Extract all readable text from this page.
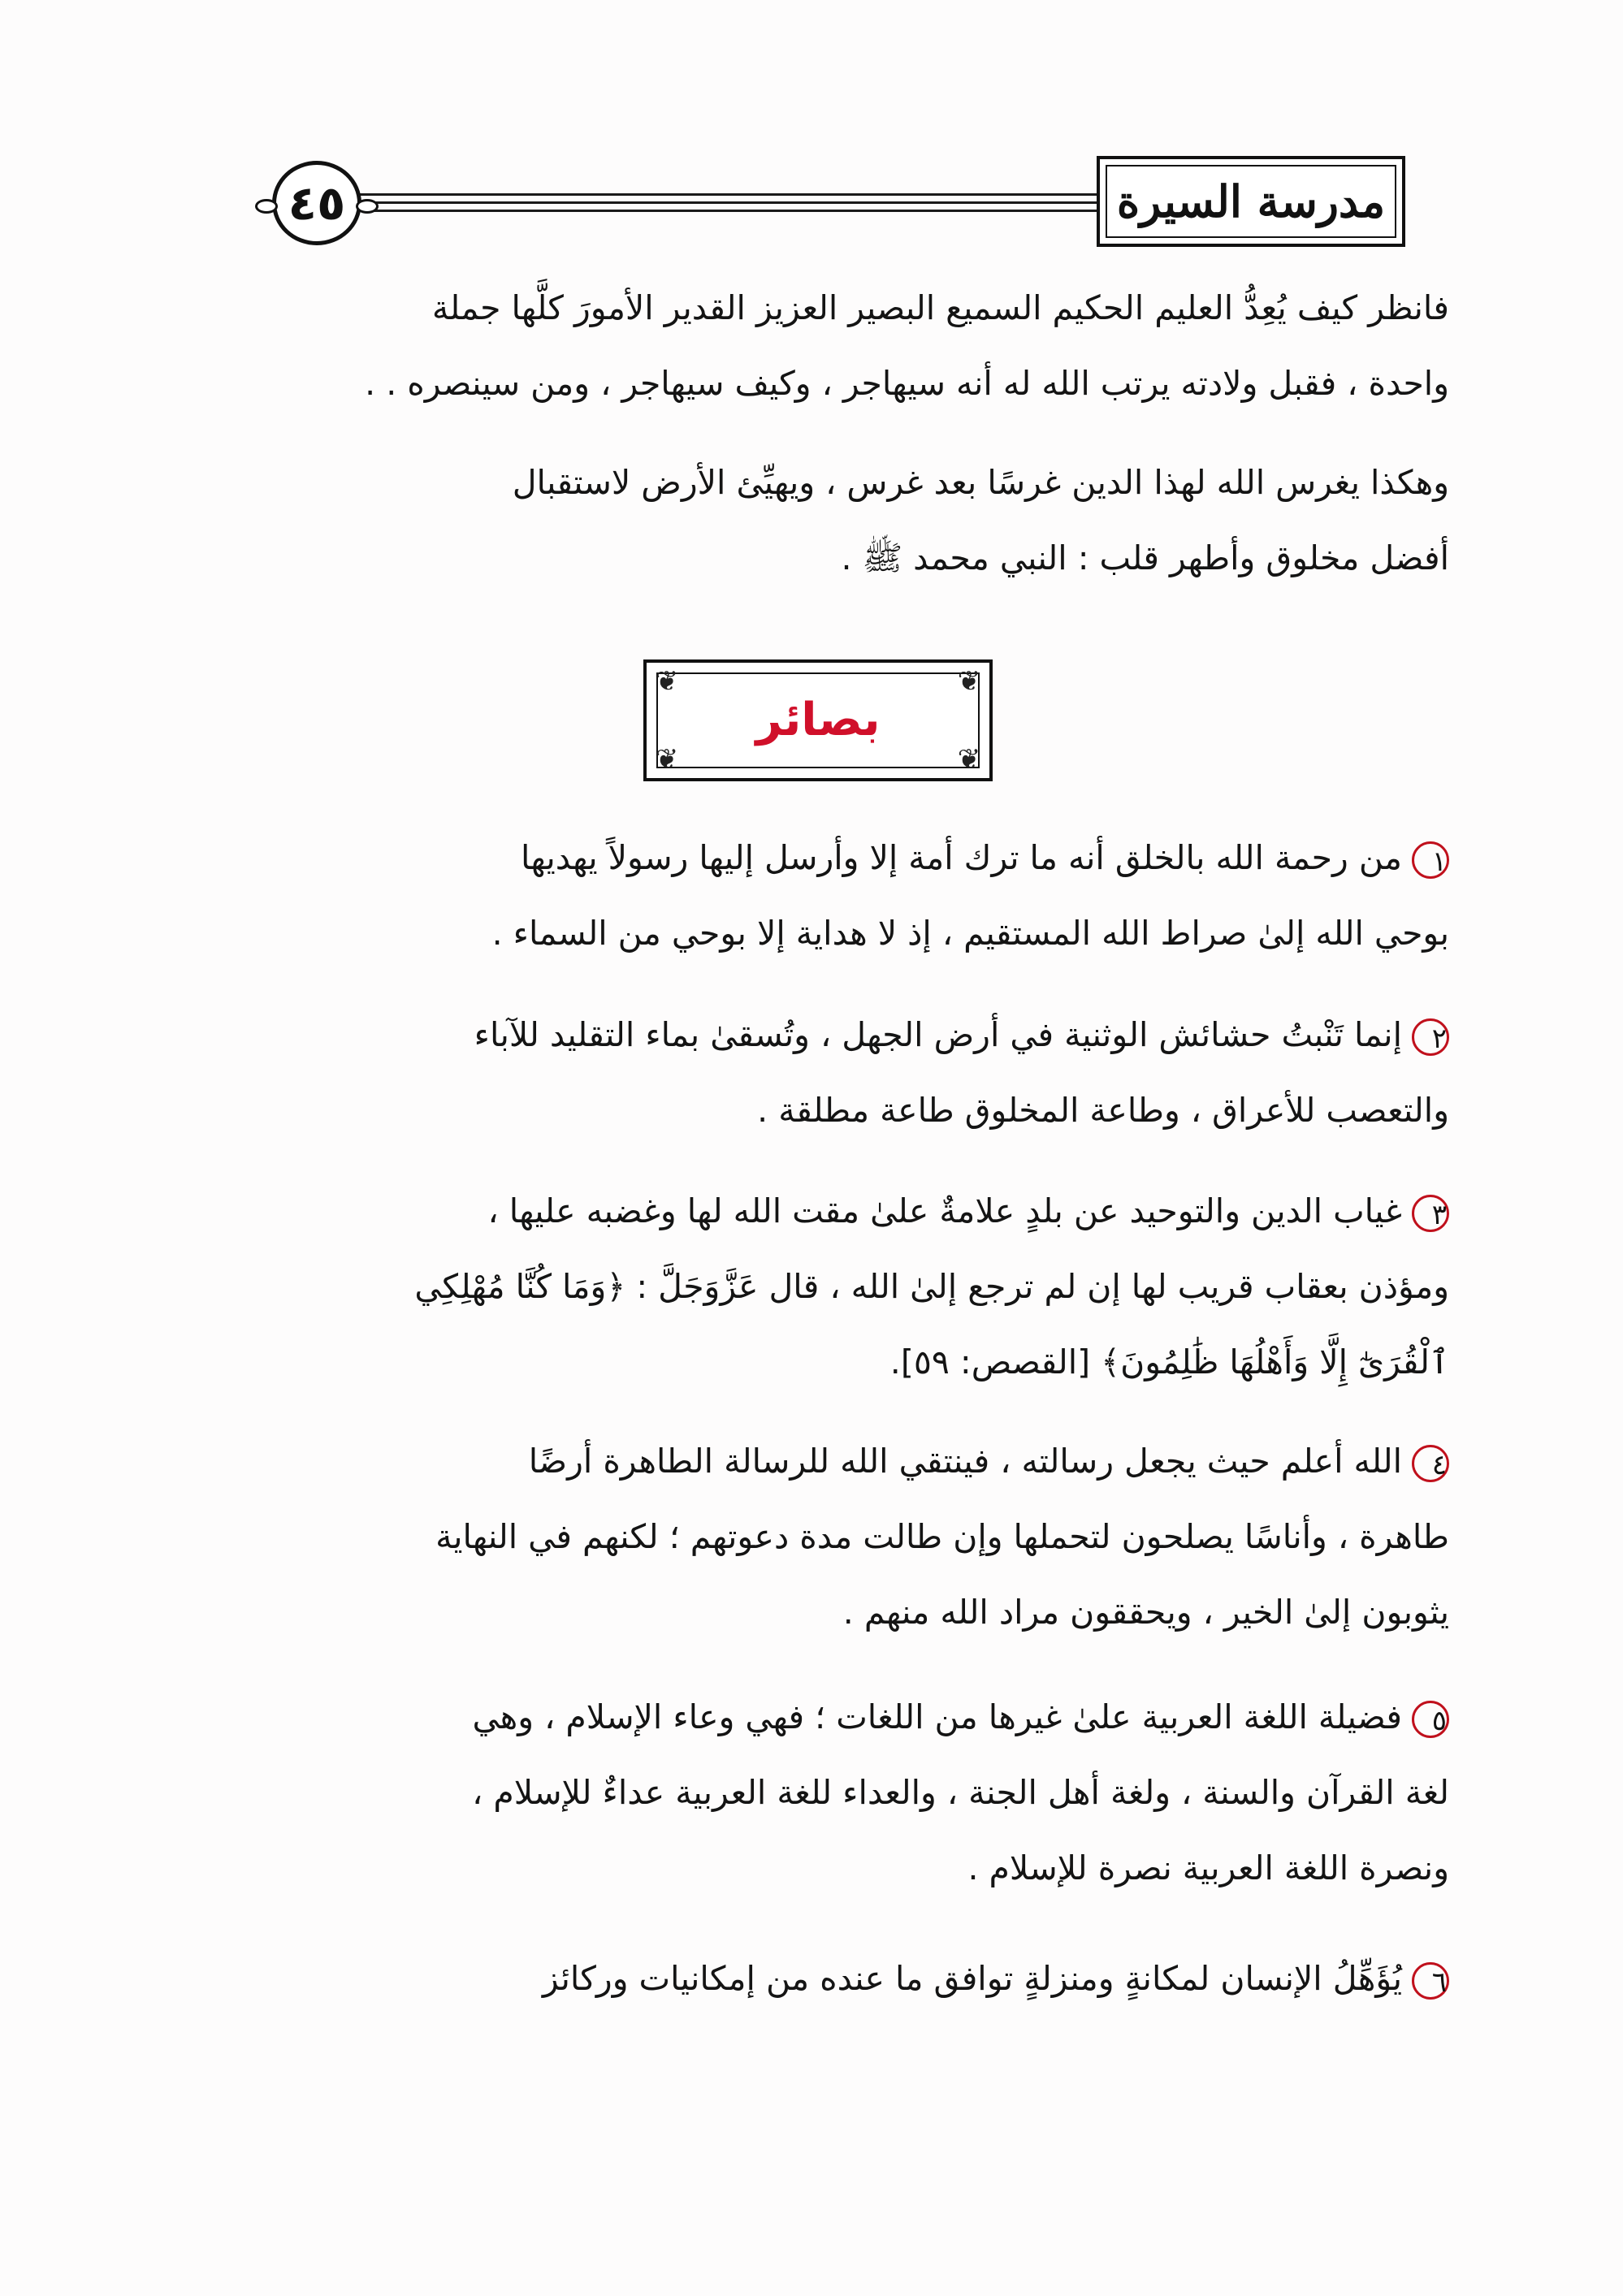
٤٥	مدرسة السيرة

فانظر كيف يُعِدُّ العليم الحكيم السميع البصير العزيز القدير الأمورَ كلَّها جملة
واحدة ، فقبل ولادته يرتب الله له أنه سيهاجر ، وكيف سيهاجر ، ومن سينصره . .

وهكذا يغرس الله لهذا الدين غرسًا بعد غرس ، ويهيِّئ الأرض لاستقبال
أفضل مخلوق وأطهر قلب : النبي محمد ﷺ .

❦	❦
❦	❦
بصائر

١من رحمة الله بالخلق أنه ما ترك أمة إلا وأرسل إليها رسولاً يهديها
بوحي الله إلىٰ صراط الله المستقيم ، إذ لا هداية إلا بوحي من السماء .

٢إنما تَنْبتُ حشائش الوثنية في أرض الجهل ، وتُسقىٰ بماء التقليد للآباء
والتعصب للأعراق ، وطاعة المخلوق طاعة مطلقة .

٣غياب الدين والتوحيد عن بلدٍ علامةٌ علىٰ مقت الله لها وغضبه عليها ،
ومؤذن بعقاب قريب لها إن لم ترجع إلىٰ الله ، قال عَزَّوَجَلَّ : ﴿وَمَا كُنَّا مُهْلِكِي
ٱلْقُرَىٰٓ إِلَّا وَأَهْلُهَا ظَٰلِمُونَ﴾ [القصص: ٥٩].

٤الله أعلم حيث يجعل رسالته ، فينتقي الله للرسالة الطاهرة أرضًا
طاهرة ، وأناسًا يصلحون لتحملها وإن طالت مدة دعوتهم ؛ لكنهم في النهاية
يثوبون إلىٰ الخير ، ويحققون مراد الله منهم .

٥فضيلة اللغة العربية علىٰ غيرها من اللغات ؛ فهي وعاء الإسلام ، وهي
لغة القرآن والسنة ، ولغة أهل الجنة ، والعداء للغة العربية عداءٌ للإسلام ،
ونصرة اللغة العربية نصرة للإسلام .

٦يُؤَهِّلُ الإنسان لمكانةٍ ومنزلةٍ توافق ما عنده من إمكانيات وركائز
